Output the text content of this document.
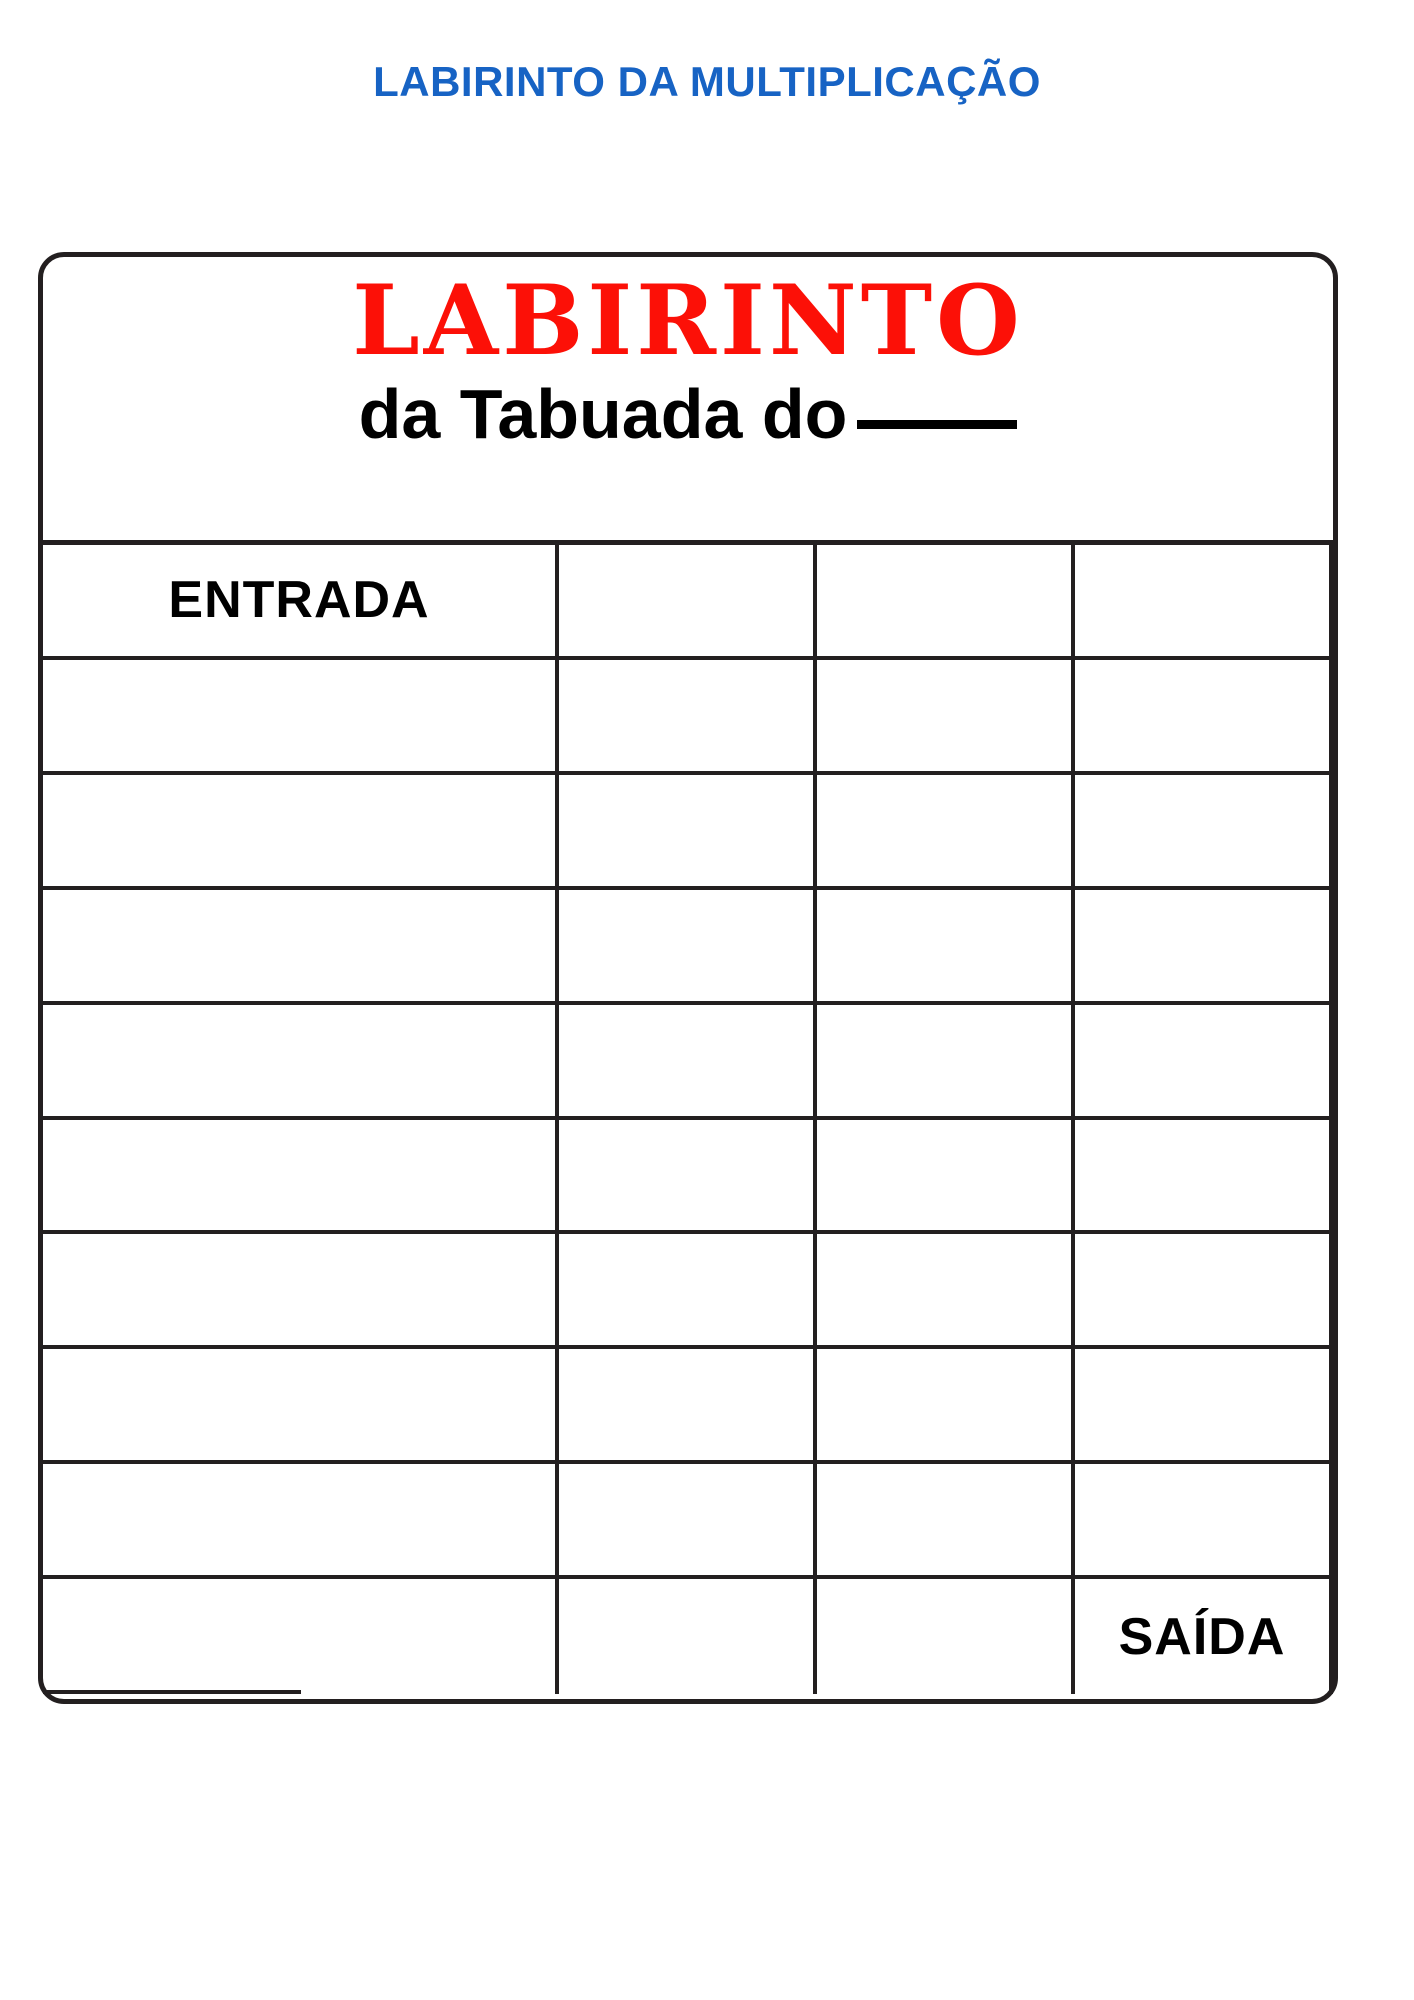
LABIRINTO DA MULTIPLICAÇÃO
LABIRINTO
da Tabuada do
ENTRADA
SAÍDA
